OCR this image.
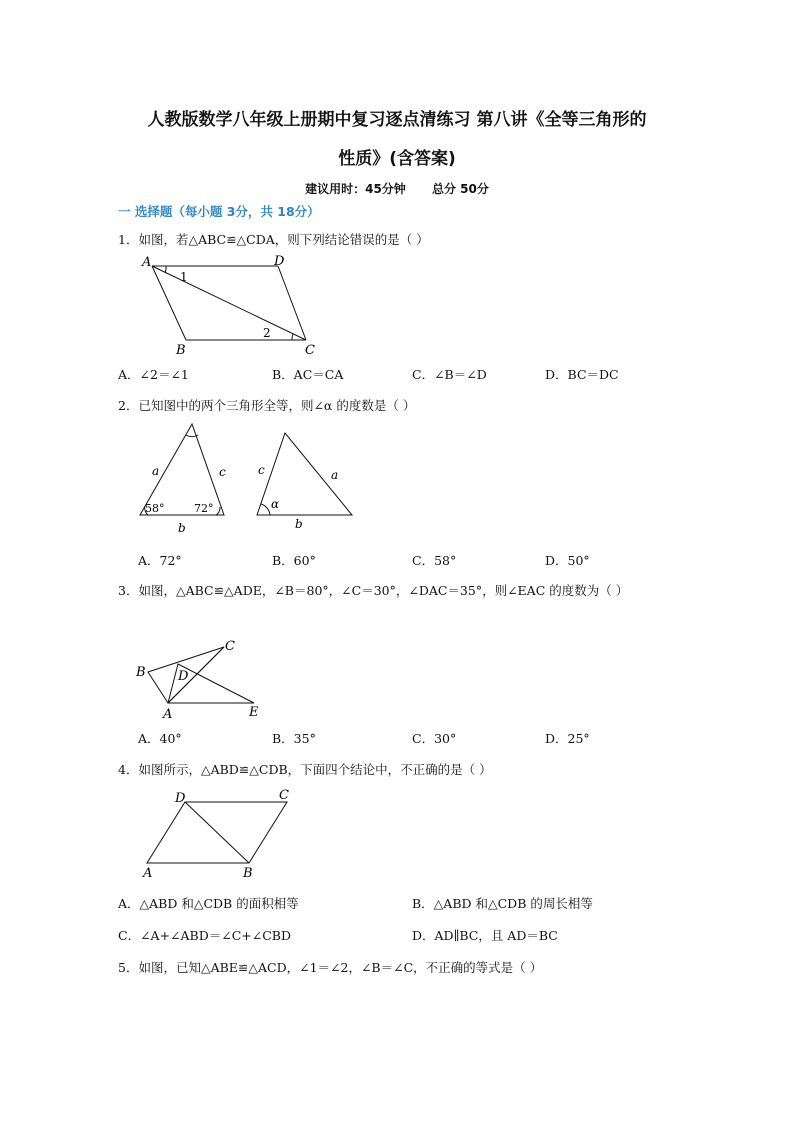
人教版数学八年级上册期中复习逐点清练习 第八讲《全等三角形的
性质》(含答案)
建议用时：45分钟 总分 50分
一 选择题（每小题 3分，共 18分）
1．如图，若△ABC≌△CDA，则下列结论错误的是（ ）
A	D
B	C
1
2
A．∠2＝∠1	B．AC＝CA	C．∠B＝∠D	D．BC＝DC
2．已知图中的两个三角形全等，则∠α 的度数是（ ）
a	c
b
58°	72°
c	a
α
b
A．72°	B．60°	C．58°	D．50°
3．如图，△ABC≌△ADE，∠B＝80°，∠C＝30°，∠DAC＝35°，则∠EAC 的度数为（ ）
B
C
D
A	E
A．40°	B．35°	C．30°	D．25°
4．如图所示，△ABD≌△CDB，下面四个结论中，不正确的是（ ）
D	C
A	B
A．△ABD 和△CDB 的面积相等	B．△ABD 和△CDB 的周长相等
C．∠A+∠ABD＝∠C+∠CBD	D．AD∥BC，且 AD＝BC
5．如图，已知△ABE≌△ACD，∠1＝∠2，∠B＝∠C，不正确的等式是（ ）
